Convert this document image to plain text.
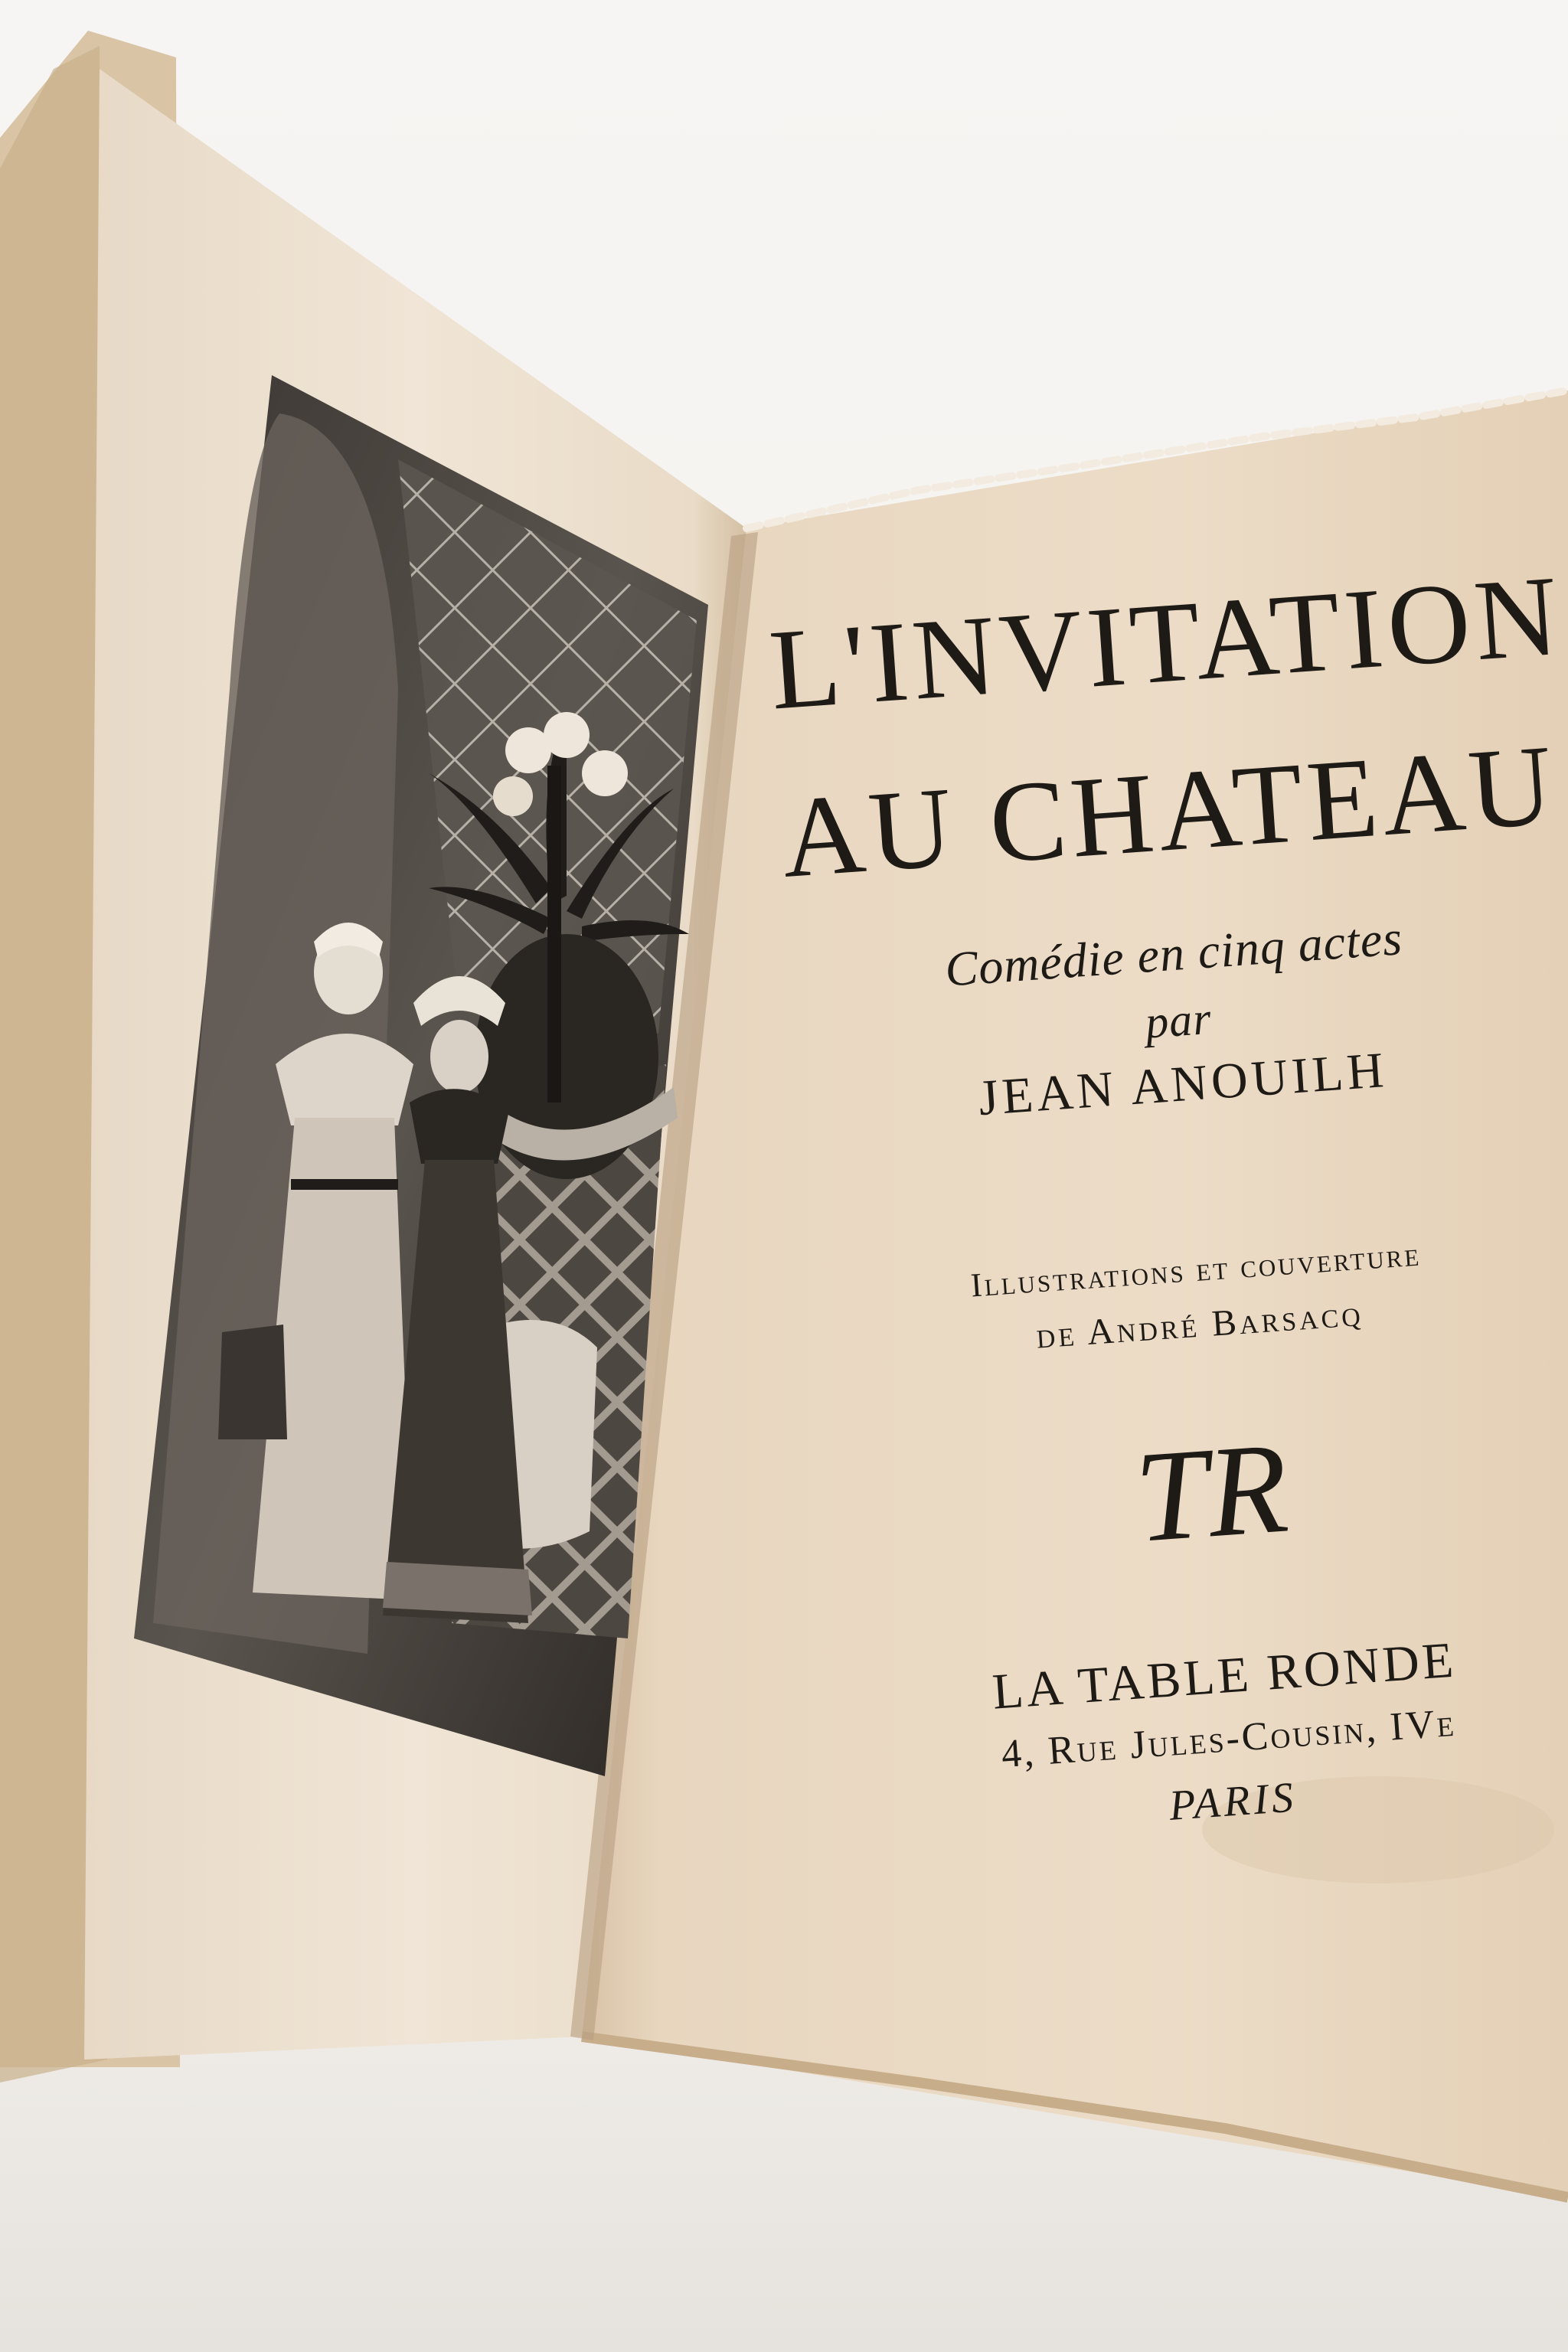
L'INVITATION
AU CHATEAU
Comédie en cinq actes
par
JEAN ANOUILH
Illustrations et couverture
de André Barsacq
TR
LA TABLE RONDE
4, Rue Jules-Cousin, IVe
PARIS
